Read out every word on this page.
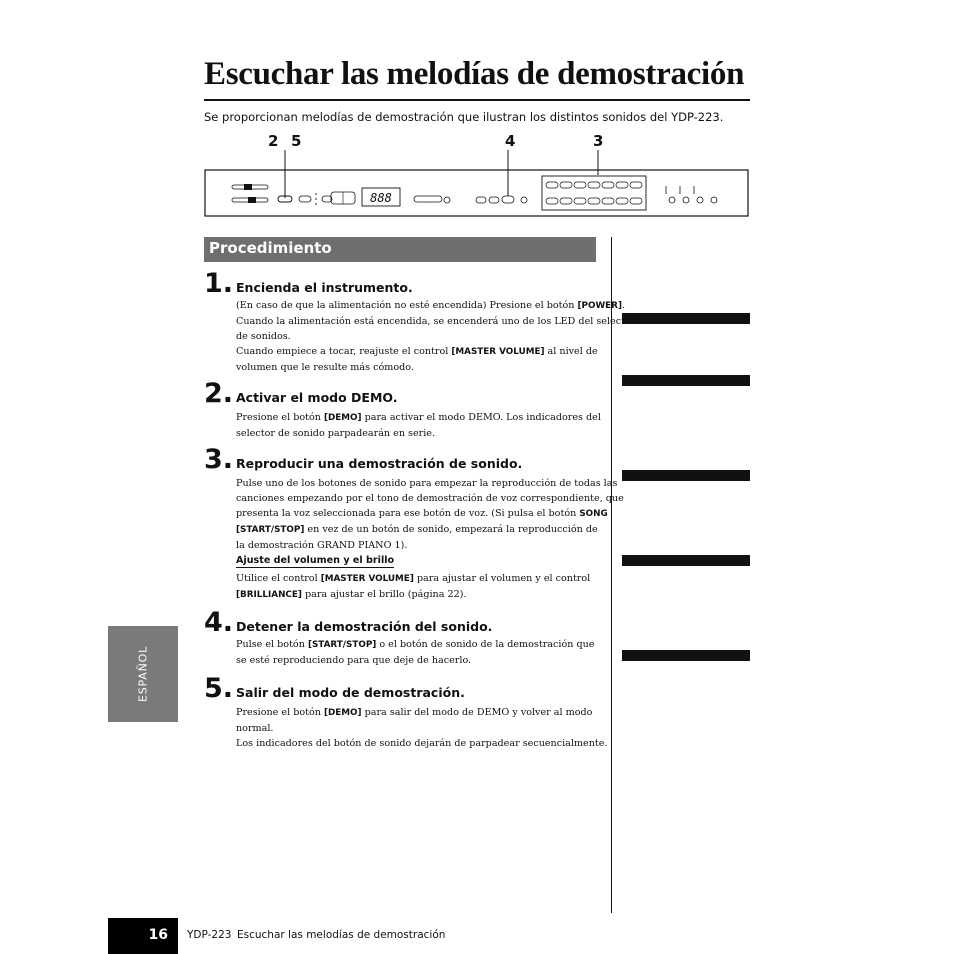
Escuchar las melodías de demostración
Se proporcionan melodías de demostración que ilustran los distintos sonidos del YDP-223.
2 5	4	3
888
Procedimiento
1. Encienda el instrumento.

(En caso de que la alimentación no esté encendida) Presione el botón [POWER].

Cuando la alimentación está encendida, se encenderá uno de los LED del selector

de sonidos.

Cuando empiece a tocar, reajuste el control [MASTER VOLUME] al nivel de

volumen que le resulte más cómodo.

2. Activar el modo DEMO.

Presione el botón [DEMO] para activar el modo DEMO. Los indicadores del

selector de sonido parpadearán en serie.

3. Reproducir una demostración de sonido.

Pulse uno de los botones de sonido para empezar la reproducción de todas las

canciones empezando por el tono de demostración de voz correspondiente, que

presenta la voz seleccionada para ese botón de voz. (Si pulsa el botón SONG

[START/STOP] en vez de un botón de sonido, empezará la reproducción de

la demostración GRAND PIANO 1).

Ajuste del volumen y el brillo

Utilice el control [MASTER VOLUME] para ajustar el volumen y el control

[BRILLIANCE] para ajustar el brillo (página 22).

4. Detener la demostración del sonido.

Pulse el botón [START/STOP] o el botón de sonido de la demostración que

se esté reproduciendo para que deje de hacerlo.

5. Salir del modo de demostración.

Presione el botón [DEMO] para salir del modo de DEMO y volver al modo

normal.

Los indicadores del botón de sonido dejarán de parpadear secuencialmente.

ESPAÑOL
16 YDP-223 Escuchar las melodías de demostración
